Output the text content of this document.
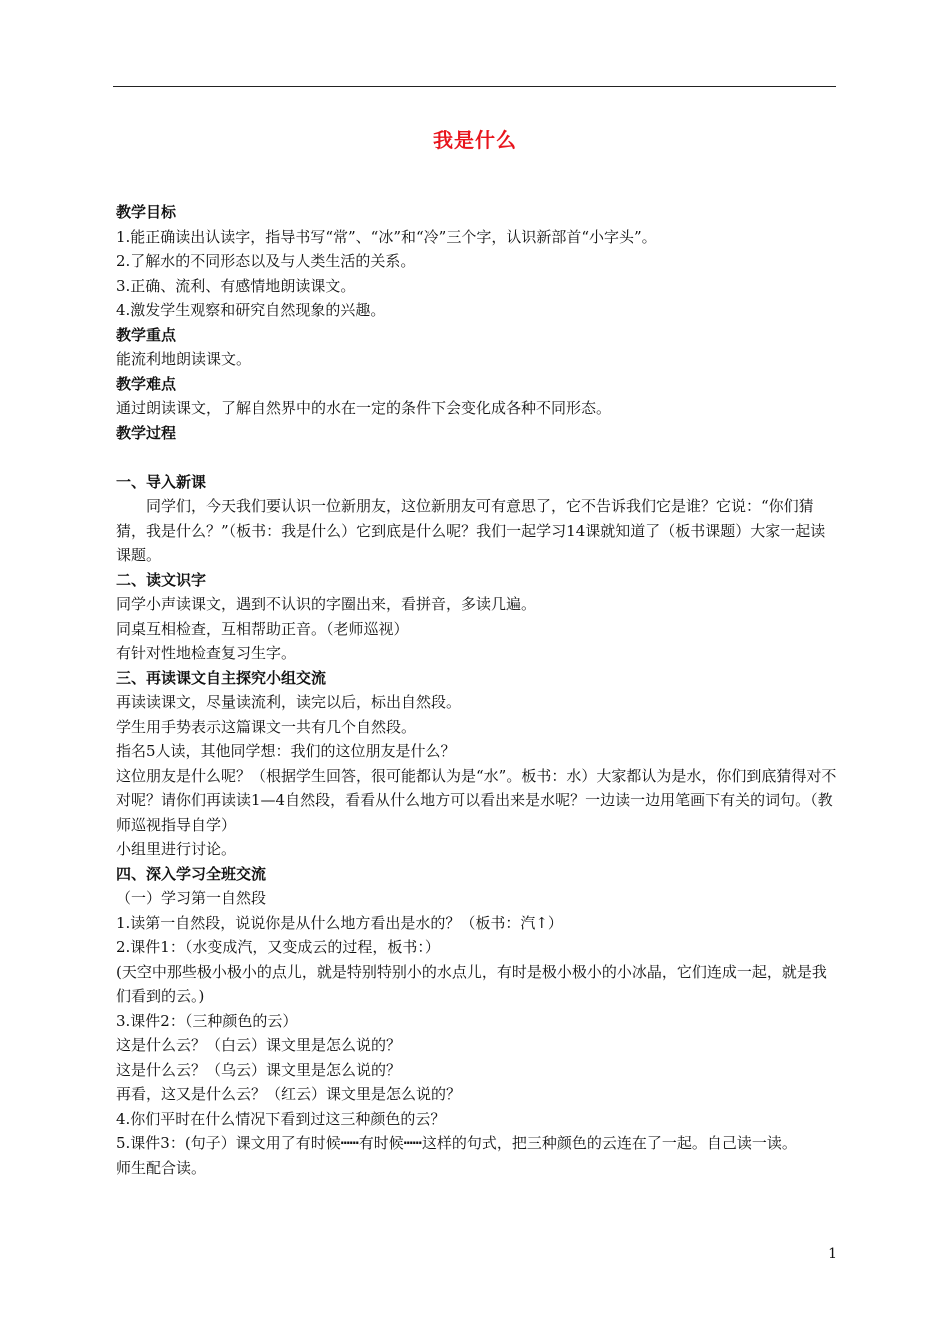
我是什么

教学目标

1.能正确读出认读字，指导书写“常”、“冰”和“冷”三个字，认识新部首“小字头”。

2.了解水的不同形态以及与人类生活的关系。

3.正确、流利、有感情地朗读课文。

4.激发学生观察和研究自然现象的兴趣。

教学重点

能流利地朗读课文。

教学难点

通过朗读课文，了解自然界中的水在一定的条件下会变化成各种不同形态。

教学过程

一、导入新课

同学们，今天我们要认识一位新朋友，这位新朋友可有意思了，它不告诉我们它是谁？它说：“你们猜猜，我是什么？”（板书：我是什么）它到底是什么呢？我们一起学习14课就知道了（板书课题）大家一起读课题。

二、读文识字

同学小声读课文，遇到不认识的字圈出来，看拼音，多读几遍。

同桌互相检查，互相帮助正音。（老师巡视）

有针对性地检查复习生字。

三、再读课文自主探究小组交流

再读读课文，尽量读流利，读完以后，标出自然段。

学生用手势表示这篇课文一共有几个自然段。

指名5人读，其他同学想：我们的这位朋友是什么？

这位朋友是什么呢？（根据学生回答，很可能都认为是“水”。板书：水）大家都认为是水，你们到底猜得对不对呢？请你们再读读1—4自然段，看看从什么地方可以看出来是水呢？一边读一边用笔画下有关的词句。（教师巡视指导自学）

小组里进行讨论。

四、深入学习全班交流

（一）学习第一自然段

1.读第一自然段，说说你是从什么地方看出是水的？（板书：汽↑）

2.课件1：（水变成汽，又变成云的过程，板书：）

(天空中那些极小极小的点儿，就是特别特别小的水点儿，有时是极小极小的小冰晶，它们连成一起，就是我们看到的云。)

3.课件2：（三种颜色的云）

这是什么云？（白云）课文里是怎么说的？

这是什么云？（乌云）课文里是怎么说的？

再看，这又是什么云？（红云）课文里是怎么说的？

4.你们平时在什么情况下看到过这三种颜色的云？

5.课件3：(句子）课文用了有时候┅┅有时候┅┅这样的句式，把三种颜色的云连在了一起。自己读一读。

师生配合读。

1
